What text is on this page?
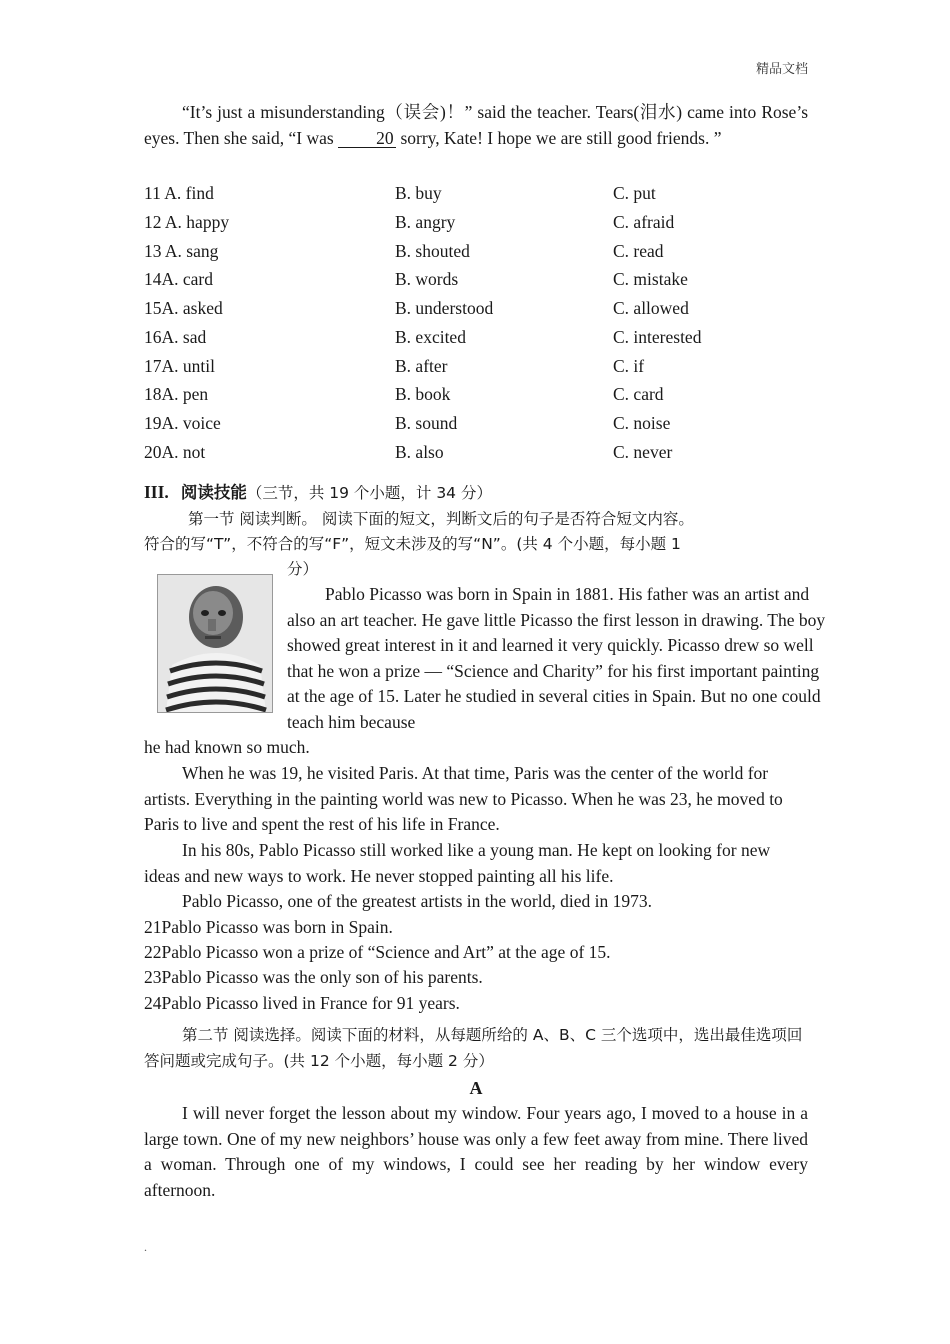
精品文档
“It’s just a misunderstanding（误会)！” said the teacher. Tears(泪水) came into Rose’s eyes. Then she said, “I was 20 sorry, Kate! I hope we are still good friends. ”
11 A. find	B. buy	C. put
12 A. happy	B. angry	C. afraid
13 A. sang	B. shouted	C. read
14A. card	B. words	C. mistake
15A. asked	B. understood	C. allowed
16A. sad	B. excited	C. interested
17A. until	B. after	C. if
18A. pen	B. book	C. card
19A. voice	B. sound	C. noise
20A. not	B. also	C. never
III. 阅读技能（三节，共 19 个小题，计 34 分）
第一节 阅读判断。 阅读下面的短文，判断文后的句子是否符合短文内容。
符合的写“T”，不符合的写“F”，短文未涉及的写“N”。(共 4 个小题，每小题 1
分）
Pablo Picasso was born in Spain in 1881. His father was an artist and also an art teacher. He gave little Picasso the first lesson in drawing. The boy showed great interest in it and learned it very quickly. Picasso drew so well that he won a prize — “Science and Charity” for his first important painting at the age of 15. Later he studied in several cities in Spain. But no one could teach him because
he had known so much.
When he was 19, he visited Paris. At that time, Paris was the center of the world for artists. Everything in the painting world was new to Picasso. When he was 23, he moved to Paris to live and spent the rest of his life in France.
In his 80s, Pablo Picasso still worked like a young man. He kept on looking for new ideas and new ways to work. He never stopped painting all his life.
Pablo Picasso, one of the greatest artists in the world, died in 1973.
21Pablo Picasso was born in Spain.
22Pablo Picasso won a prize of “Science and Art” at the age of 15.
23Pablo Picasso was the only son of his parents.
24Pablo Picasso lived in France for 91 years.
第二节 阅读选择。阅读下面的材料，从每题所给的 A、B、C 三个选项中，选出最佳选项回答问题或完成句子。(共 12 个小题，每小题 2 分）
A
I will never forget the lesson about my window. Four years ago, I moved to a house in a large town. One of my new neighbors’ house was only a few feet away from mine. There lived a woman. Through one of my windows, I could see her reading by her window every afternoon.
.
